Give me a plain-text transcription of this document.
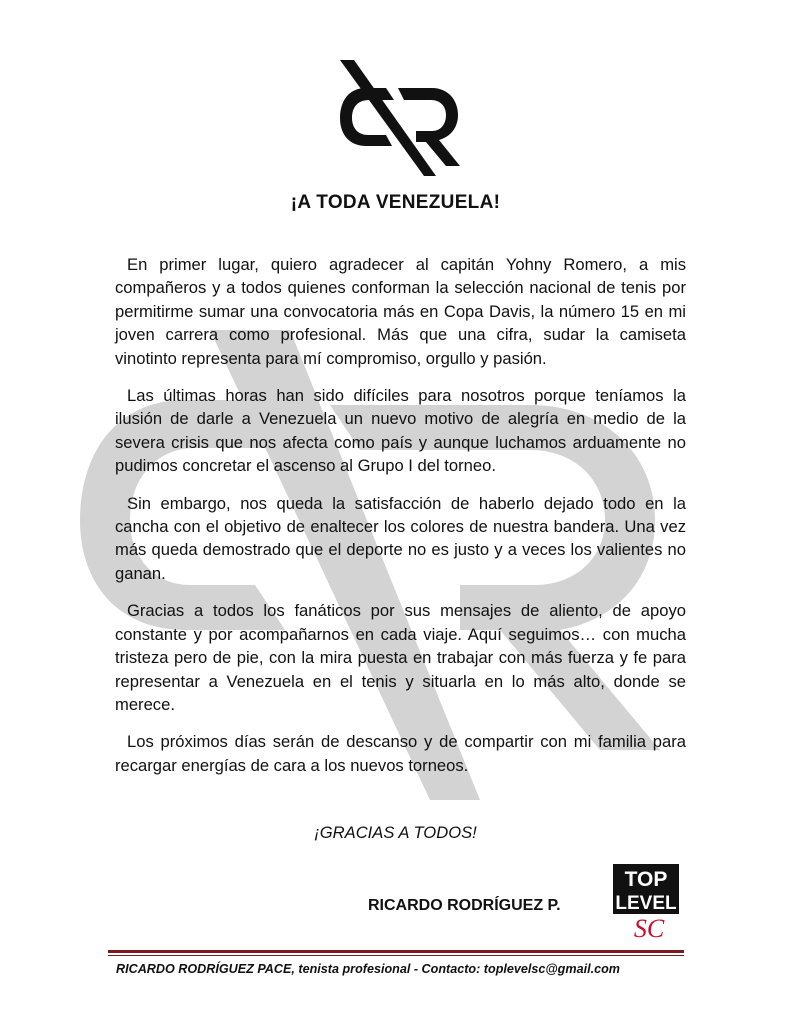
¡A TODA VENEZUELA!

En primer lugar, quiero agradecer al capitán Yohny Romero, a mis compañeros y a todos quienes conforman la selección nacional de tenis por permitirme sumar una convocatoria más en Copa Davis, la número 15 en mi joven carrera como profesional. Más que una cifra, sudar la camiseta vinotinto representa para mí compromiso, orgullo y pasión.

Las últimas horas han sido difíciles para nosotros porque teníamos la ilusión de darle a Venezuela un nuevo motivo de alegría en medio de la severa crisis que nos afecta como país y aunque luchamos arduamente no pudimos concretar el ascenso al Grupo I del torneo.

Sin embargo, nos queda la satisfacción de haberlo dejado todo en la cancha con el objetivo de enaltecer los colores de nuestra bandera. Una vez más queda demostrado que el deporte no es justo y a veces los valientes no ganan.

Gracias a todos los fanáticos por sus mensajes de aliento, de apoyo constante y por acompañarnos en cada viaje. Aquí seguimos… con mucha tristeza pero de pie, con la mira puesta en trabajar con más fuerza y fe para representar a Venezuela en el tenis y situarla en lo más alto, donde se merece.

Los próximos días serán de descanso y de compartir con mi familia para recargar energías de cara a los nuevos torneos.

¡GRACIAS A TODOS!
RICARDO RODRÍGUEZ P.
TOP
LEVEL
SC
RICARDO RODRÍGUEZ PACE, tenista profesional - Contacto: toplevelsc@gmail.com
